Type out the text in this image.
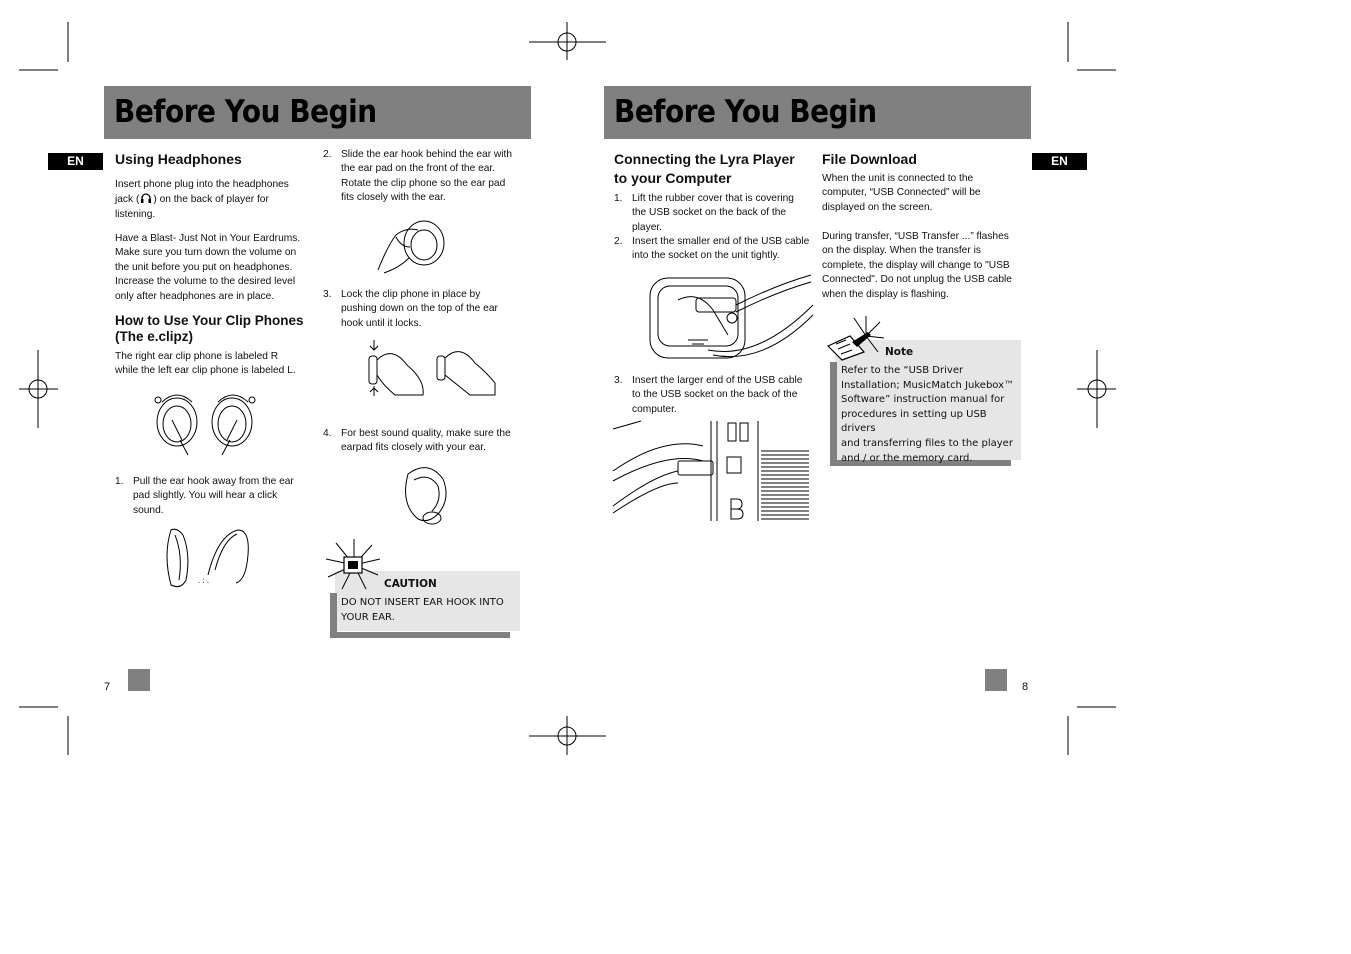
Before You Begin
EN	Using Headphones
Insert phone plug into the headphones
jack ( ) on the back of player for
listening.
Have a Blast- Just Not in Your Eardrums.
Make sure you turn down the volume on
the unit before you put on headphones.
Increase the volume to the desired level
only after headphones are in place.
How to Use Your Clip Phones
(The e.clipz)
The right ear clip phone is labeled R
while the left ear clip phone is labeled L.
1. Pull the ear hook away from the ear
pad slightly. You will hear a click
sound.
. : .
2. Slide the ear hook behind the ear with
the ear pad on the front of the ear.
Rotate the clip phone so the ear pad
fits closely with the ear.
3. Lock the clip phone in place by
pushing down on the top of the ear
hook until it locks.
4. For best sound quality, make sure the
earpad fits closely with your ear.
CAUTION
DO NOT INSERT EAR HOOK INTO
YOUR EAR.
7
Before You Begin
EN
Connecting the Lyra Player
to your Computer
1. Lift the rubber cover that is covering
the USB socket on the back of the
player.
2. Insert the smaller end of the USB cable
into the socket on the unit tightly.
3. Insert the larger end of the USB cable
to the USB socket on the back of the
computer.
File Download
When the unit is connected to the
computer, “USB Connected” will be
displayed on the screen.
During transfer, “USB Transfer ...” flashes
on the display. When the transfer is
complete, the display will change to "USB
Connected". Do not unplug the USB cable
when the display is flashing.
Note
Refer to the “USB Driver
Installation; MusicMatch Jukebox™
Software” instruction manual for
procedures in setting up USB drivers
and transferring files to the player
and / or the memory card.
8
